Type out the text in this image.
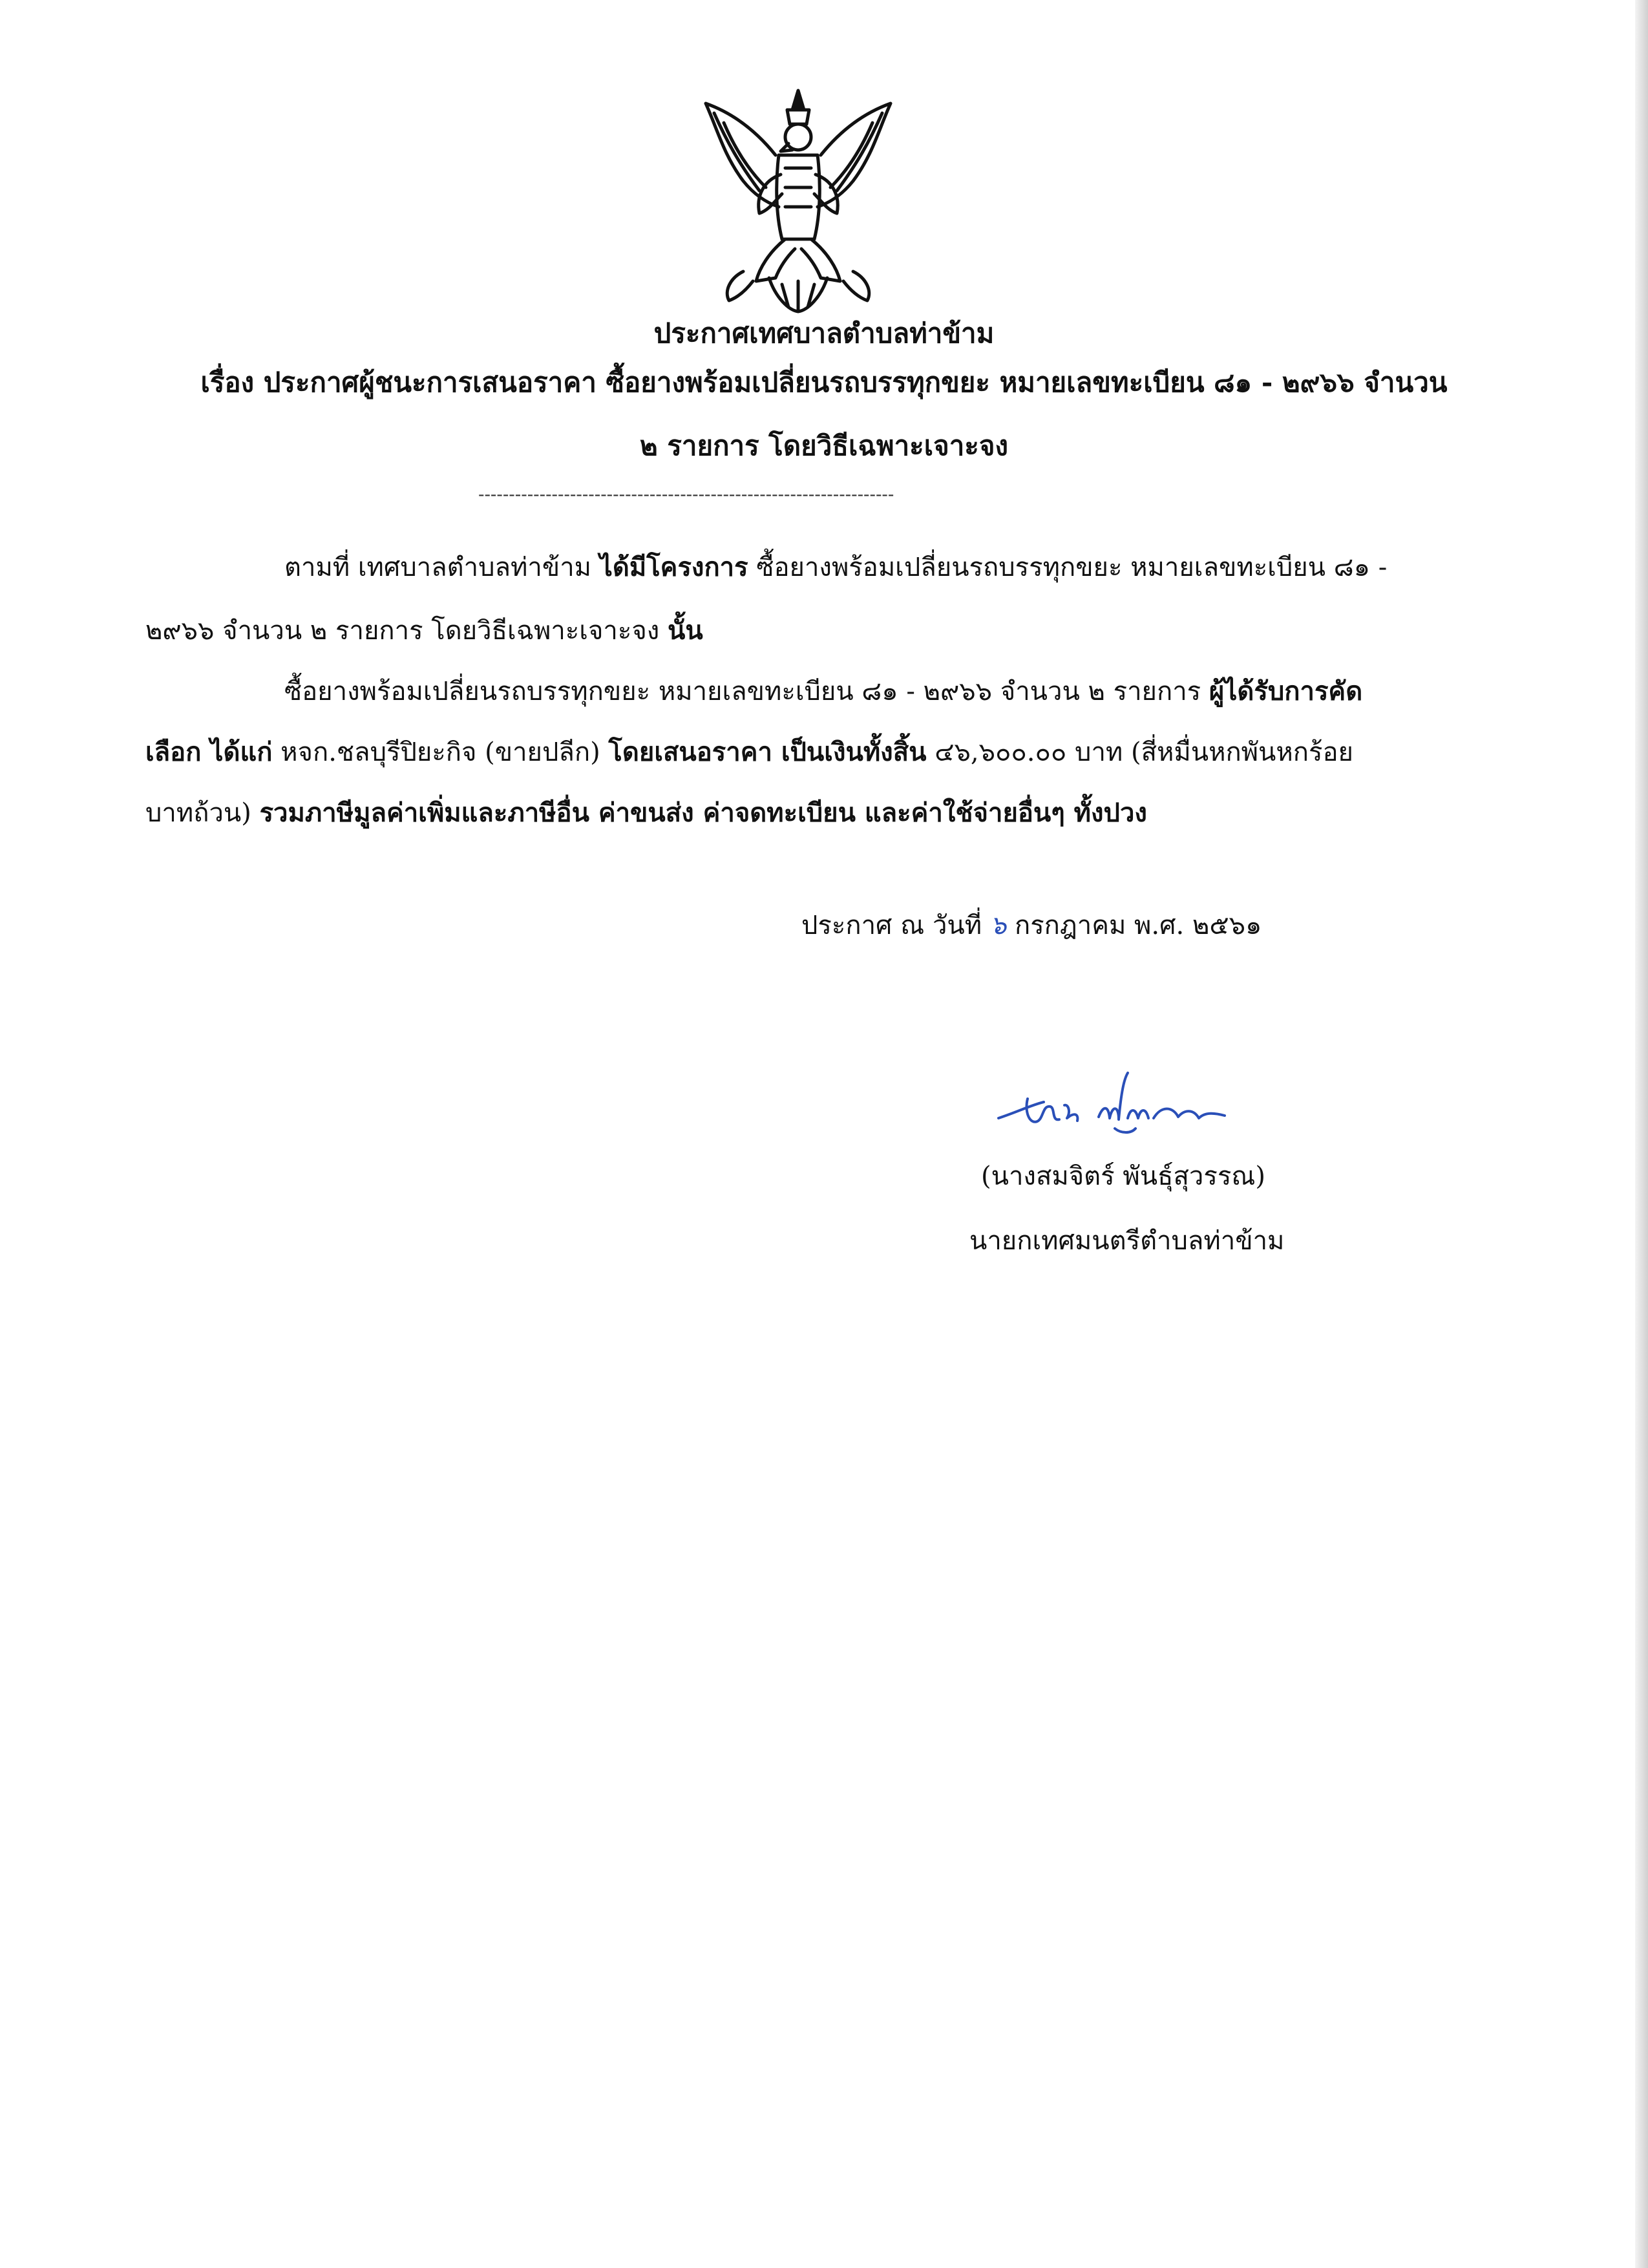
ประกาศเทศบาลตำบลท่าข้าม
เรื่อง ประกาศผู้ชนะการเสนอราคา ซื้อยางพร้อมเปลี่ยนรถบรรทุกขยะ หมายเลขทะเบียน ๘๑ - ๒๙๖๖ จำนวน
๒ รายการ โดยวิธีเฉพาะเจาะจง
ตามที่ เทศบาลตำบลท่าข้าม ได้มีโครงการ ซื้อยางพร้อมเปลี่ยนรถบรรทุกขยะ หมายเลขทะเบียน ๘๑ -
๒๙๖๖ จำนวน ๒ รายการ โดยวิธีเฉพาะเจาะจง นั้น
ซื้อยางพร้อมเปลี่ยนรถบรรทุกขยะ หมายเลขทะเบียน ๘๑ - ๒๙๖๖ จำนวน ๒ รายการ ผู้ได้รับการคัด
เลือก ได้แก่ หจก.ชลบุรีปิยะกิจ (ขายปลีก) โดยเสนอราคา เป็นเงินทั้งสิ้น ๔๖,๖๐๐.๐๐ บาท (สี่หมื่นหกพันหกร้อย
บาทถ้วน) รวมภาษีมูลค่าเพิ่มและภาษีอื่น ค่าขนส่ง ค่าจดทะเบียน และค่าใช้จ่ายอื่นๆ ทั้งปวง
ประกาศ ณ วันที่ ๖ กรกฎาคม พ.ศ. ๒๕๖๑
(นางสมจิตร์ พันธุ์สุวรรณ)
นายกเทศมนตรีตำบลท่าข้าม
--------------------------------------------------------------------
